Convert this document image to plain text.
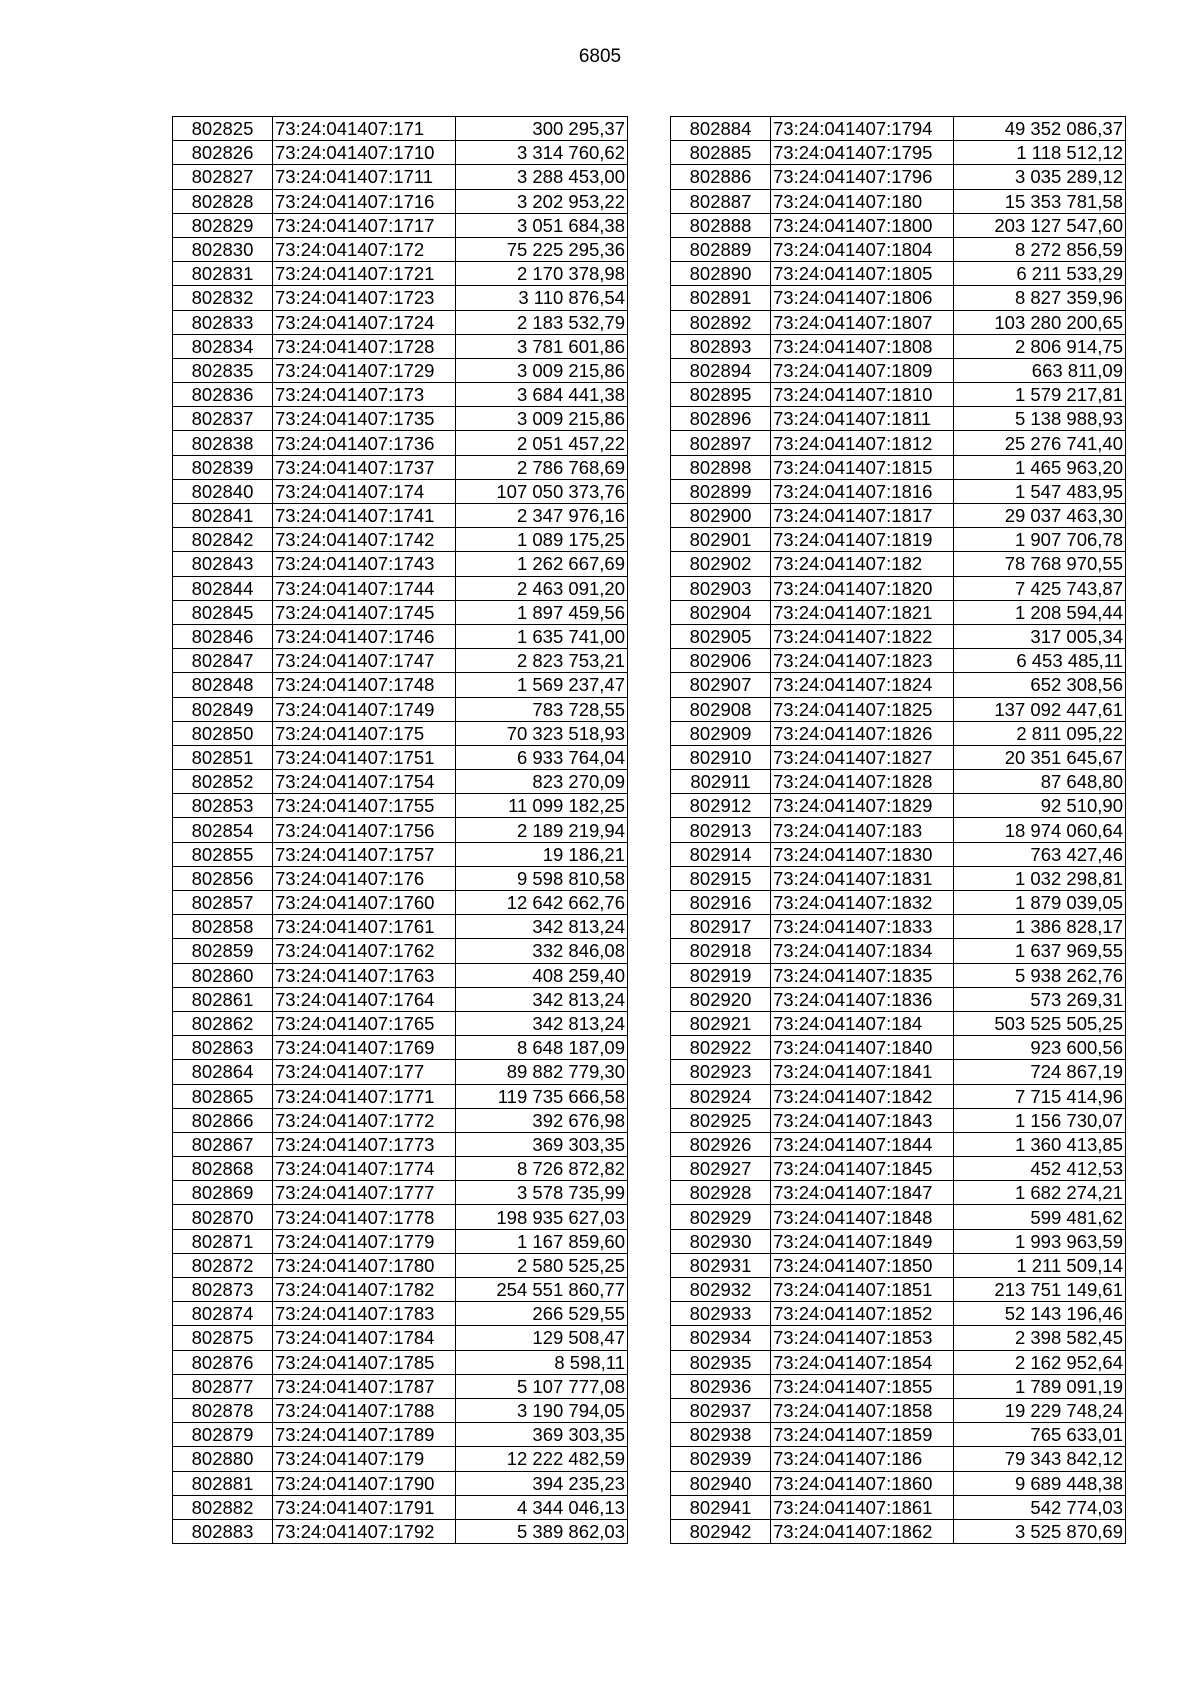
6805
802825	73:24:041407:171	300 295,37
802826	73:24:041407:1710	3 314 760,62
802827	73:24:041407:1711	3 288 453,00
802828	73:24:041407:1716	3 202 953,22
802829	73:24:041407:1717	3 051 684,38
802830	73:24:041407:172	75 225 295,36
802831	73:24:041407:1721	2 170 378,98
802832	73:24:041407:1723	3 110 876,54
802833	73:24:041407:1724	2 183 532,79
802834	73:24:041407:1728	3 781 601,86
802835	73:24:041407:1729	3 009 215,86
802836	73:24:041407:173	3 684 441,38
802837	73:24:041407:1735	3 009 215,86
802838	73:24:041407:1736	2 051 457,22
802839	73:24:041407:1737	2 786 768,69
802840	73:24:041407:174	107 050 373,76
802841	73:24:041407:1741	2 347 976,16
802842	73:24:041407:1742	1 089 175,25
802843	73:24:041407:1743	1 262 667,69
802844	73:24:041407:1744	2 463 091,20
802845	73:24:041407:1745	1 897 459,56
802846	73:24:041407:1746	1 635 741,00
802847	73:24:041407:1747	2 823 753,21
802848	73:24:041407:1748	1 569 237,47
802849	73:24:041407:1749	783 728,55
802850	73:24:041407:175	70 323 518,93
802851	73:24:041407:1751	6 933 764,04
802852	73:24:041407:1754	823 270,09
802853	73:24:041407:1755	11 099 182,25
802854	73:24:041407:1756	2 189 219,94
802855	73:24:041407:1757	19 186,21
802856	73:24:041407:176	9 598 810,58
802857	73:24:041407:1760	12 642 662,76
802858	73:24:041407:1761	342 813,24
802859	73:24:041407:1762	332 846,08
802860	73:24:041407:1763	408 259,40
802861	73:24:041407:1764	342 813,24
802862	73:24:041407:1765	342 813,24
802863	73:24:041407:1769	8 648 187,09
802864	73:24:041407:177	89 882 779,30
802865	73:24:041407:1771	119 735 666,58
802866	73:24:041407:1772	392 676,98
802867	73:24:041407:1773	369 303,35
802868	73:24:041407:1774	8 726 872,82
802869	73:24:041407:1777	3 578 735,99
802870	73:24:041407:1778	198 935 627,03
802871	73:24:041407:1779	1 167 859,60
802872	73:24:041407:1780	2 580 525,25
802873	73:24:041407:1782	254 551 860,77
802874	73:24:041407:1783	266 529,55
802875	73:24:041407:1784	129 508,47
802876	73:24:041407:1785	8 598,11
802877	73:24:041407:1787	5 107 777,08
802878	73:24:041407:1788	3 190 794,05
802879	73:24:041407:1789	369 303,35
802880	73:24:041407:179	12 222 482,59
802881	73:24:041407:1790	394 235,23
802882	73:24:041407:1791	4 344 046,13
802883	73:24:041407:1792	5 389 862,03
802884	73:24:041407:1794	49 352 086,37
802885	73:24:041407:1795	1 118 512,12
802886	73:24:041407:1796	3 035 289,12
802887	73:24:041407:180	15 353 781,58
802888	73:24:041407:1800	203 127 547,60
802889	73:24:041407:1804	8 272 856,59
802890	73:24:041407:1805	6 211 533,29
802891	73:24:041407:1806	8 827 359,96
802892	73:24:041407:1807	103 280 200,65
802893	73:24:041407:1808	2 806 914,75
802894	73:24:041407:1809	663 811,09
802895	73:24:041407:1810	1 579 217,81
802896	73:24:041407:1811	5 138 988,93
802897	73:24:041407:1812	25 276 741,40
802898	73:24:041407:1815	1 465 963,20
802899	73:24:041407:1816	1 547 483,95
802900	73:24:041407:1817	29 037 463,30
802901	73:24:041407:1819	1 907 706,78
802902	73:24:041407:182	78 768 970,55
802903	73:24:041407:1820	7 425 743,87
802904	73:24:041407:1821	1 208 594,44
802905	73:24:041407:1822	317 005,34
802906	73:24:041407:1823	6 453 485,11
802907	73:24:041407:1824	652 308,56
802908	73:24:041407:1825	137 092 447,61
802909	73:24:041407:1826	2 811 095,22
802910	73:24:041407:1827	20 351 645,67
802911	73:24:041407:1828	87 648,80
802912	73:24:041407:1829	92 510,90
802913	73:24:041407:183	18 974 060,64
802914	73:24:041407:1830	763 427,46
802915	73:24:041407:1831	1 032 298,81
802916	73:24:041407:1832	1 879 039,05
802917	73:24:041407:1833	1 386 828,17
802918	73:24:041407:1834	1 637 969,55
802919	73:24:041407:1835	5 938 262,76
802920	73:24:041407:1836	573 269,31
802921	73:24:041407:184	503 525 505,25
802922	73:24:041407:1840	923 600,56
802923	73:24:041407:1841	724 867,19
802924	73:24:041407:1842	7 715 414,96
802925	73:24:041407:1843	1 156 730,07
802926	73:24:041407:1844	1 360 413,85
802927	73:24:041407:1845	452 412,53
802928	73:24:041407:1847	1 682 274,21
802929	73:24:041407:1848	599 481,62
802930	73:24:041407:1849	1 993 963,59
802931	73:24:041407:1850	1 211 509,14
802932	73:24:041407:1851	213 751 149,61
802933	73:24:041407:1852	52 143 196,46
802934	73:24:041407:1853	2 398 582,45
802935	73:24:041407:1854	2 162 952,64
802936	73:24:041407:1855	1 789 091,19
802937	73:24:041407:1858	19 229 748,24
802938	73:24:041407:1859	765 633,01
802939	73:24:041407:186	79 343 842,12
802940	73:24:041407:1860	9 689 448,38
802941	73:24:041407:1861	542 774,03
802942	73:24:041407:1862	3 525 870,69
